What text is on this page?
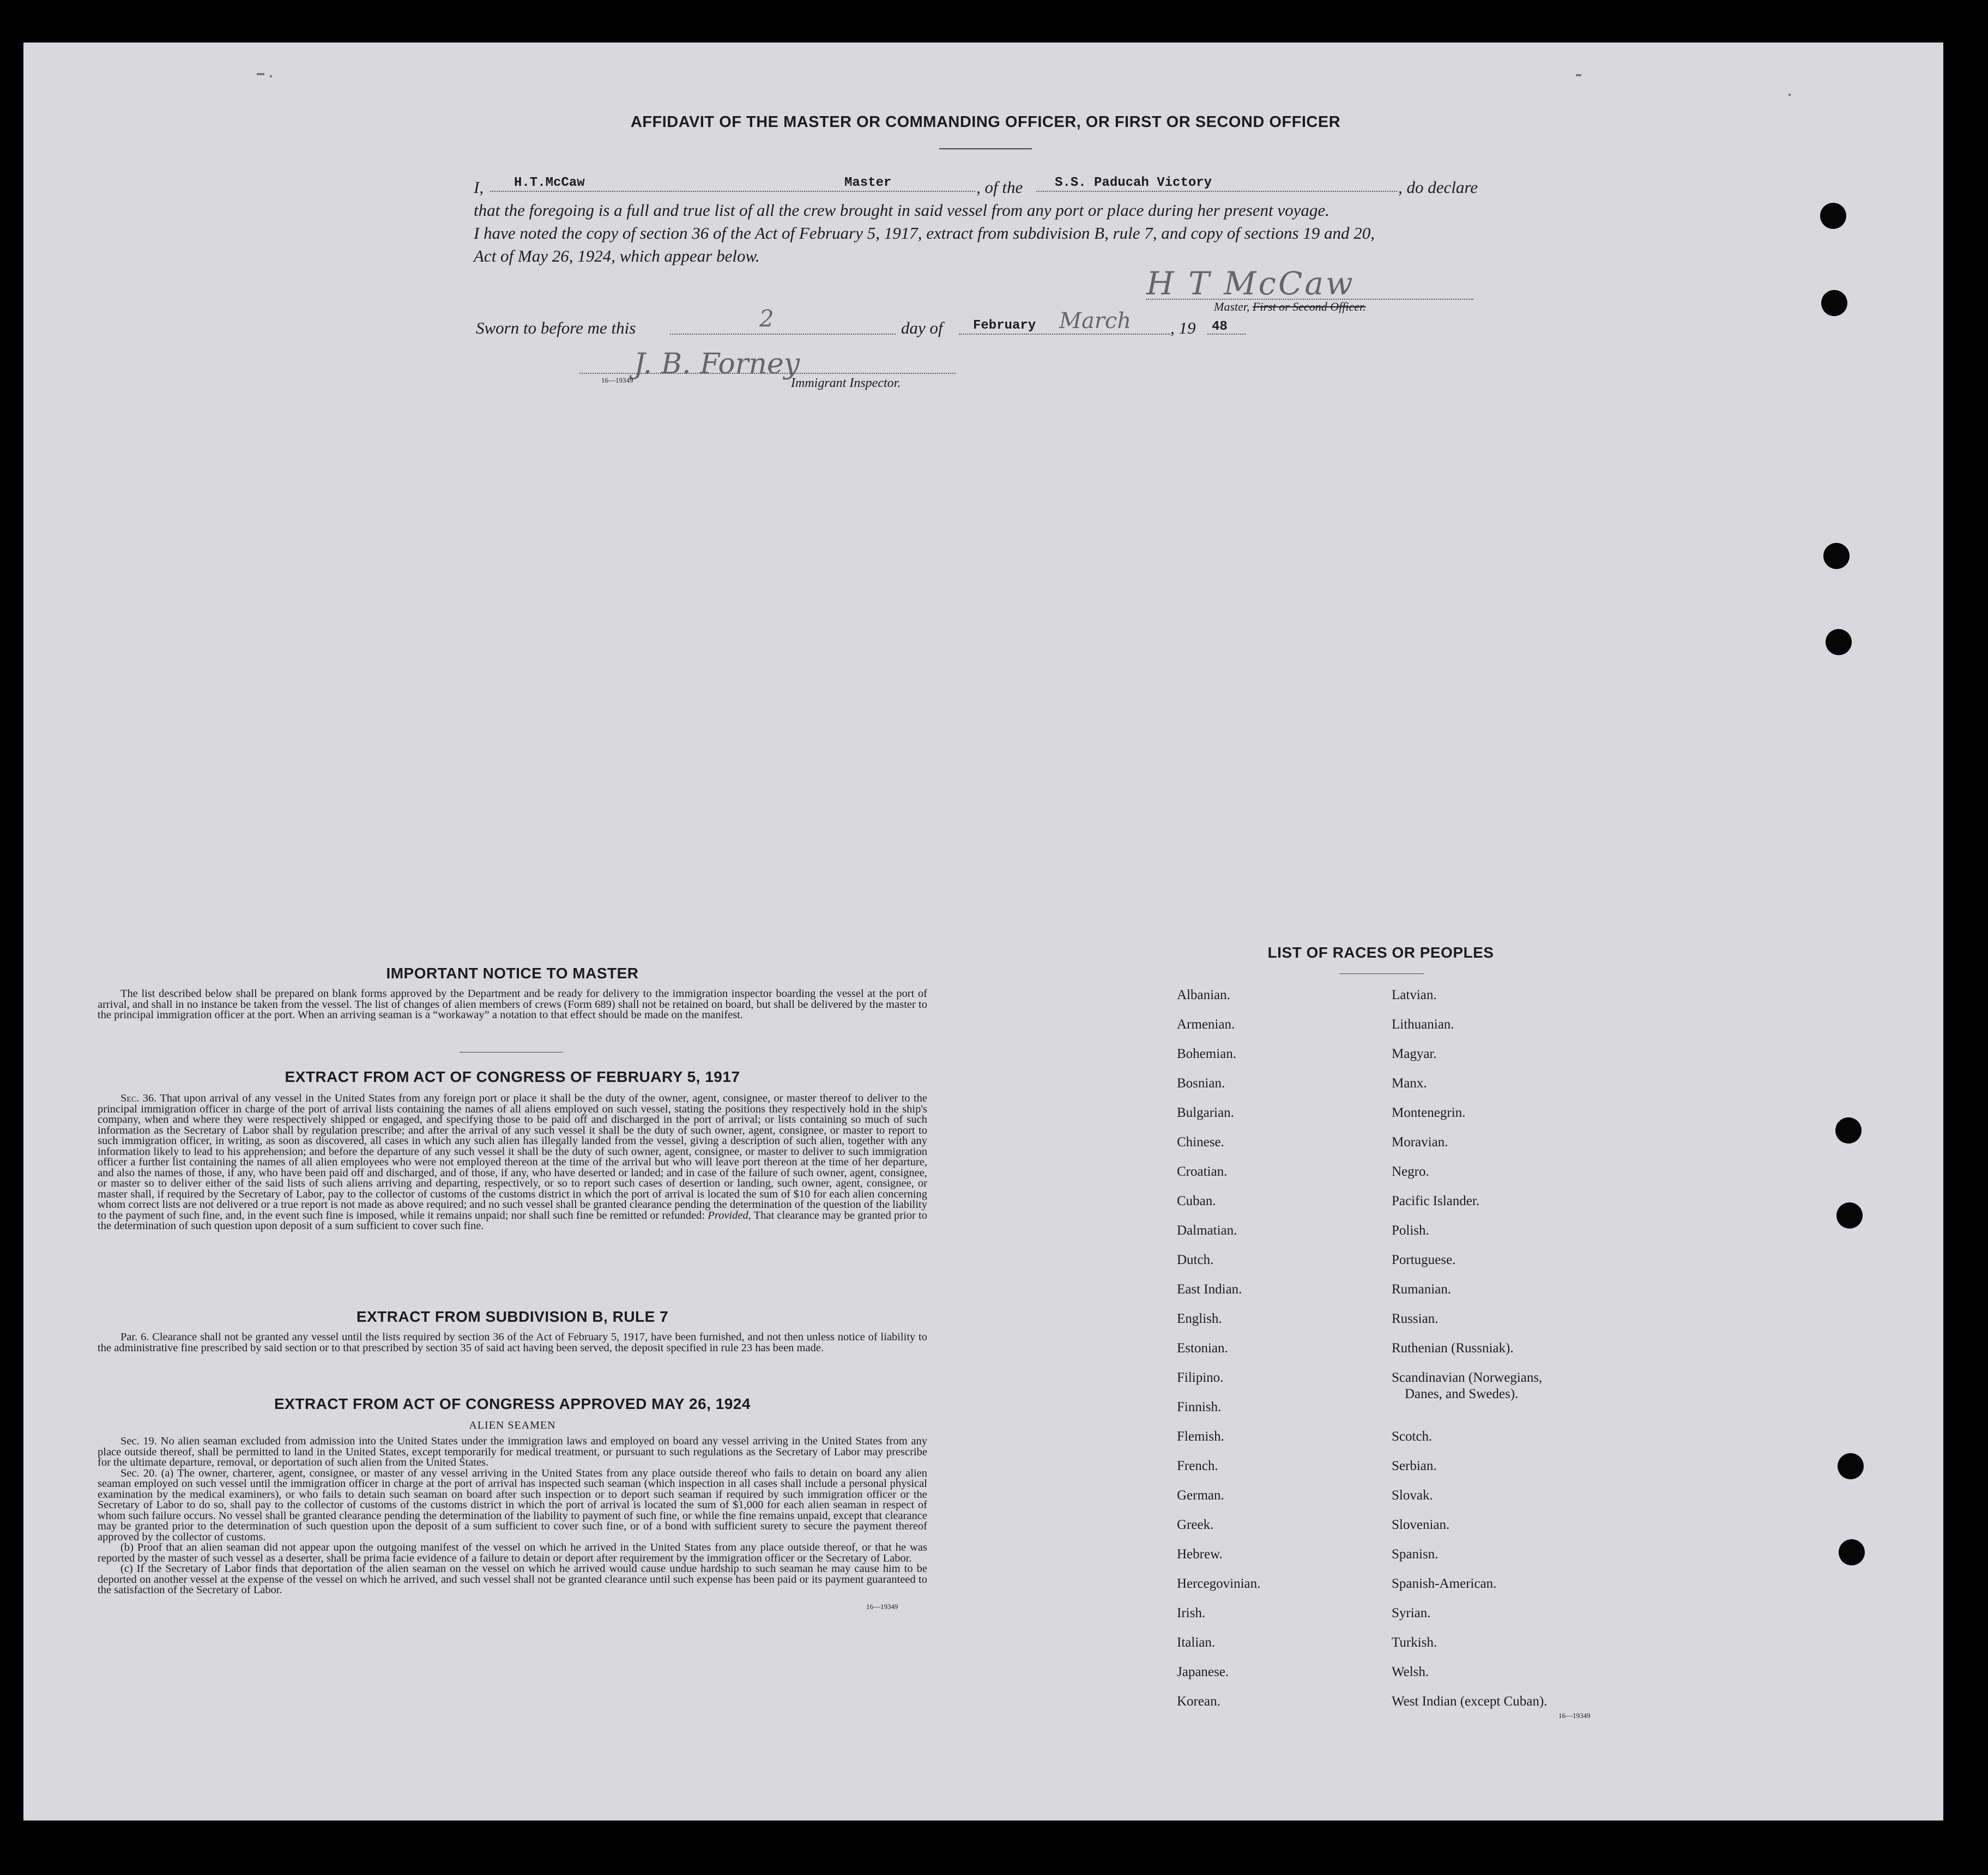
AFFIDAVIT OF THE MASTER OR COMMANDING OFFICER, OR FIRST OR SECOND OFFICER
I, H.T.McCaw	Master	, of the S.S. Paducah Victory	, do declare
that the foregoing is a full and true list of all the crew brought in said vessel from any port or place during her present voyage.
I have noted the copy of section 36 of the Act of February 5, 1917, extract from subdivision B, rule 7, and copy of sections 19 and 20,
Act of May 26, 1924, which appear below.
H T McCaw
Master, First or Second Officer.
Sworn to before me this	2	day of February March , 19 48
J. B. Forney
16—19349	Immigrant Inspector.
IMPORTANT NOTICE TO MASTER

The list described below shall be prepared on blank forms approved by the Department and be ready for delivery to the immigration inspector boarding the vessel at the port of arrival, and shall in no instance be taken from the vessel. The list of changes of alien members of crews (Form 689) shall not be retained on board, but shall be delivered by the master to the principal immigration officer at the port. When an arriving seaman is a “workaway” a notation to that effect should be made on the manifest.

EXTRACT FROM ACT OF CONGRESS OF FEBRUARY 5, 1917

Sec. 36. That upon arrival of any vessel in the United States from any foreign port or place it shall be the duty of the owner, agent, consignee, or master thereof to deliver to the principal immigration officer in charge of the port of arrival lists containing the names of all aliens employed on such vessel, stating the positions they respectively hold in the ship's company, when and where they were respectively shipped or engaged, and specifying those to be paid off and discharged in the port of arrival; or lists containing so much of such information as the Secretary of Labor shall by regulation prescribe; and after the arrival of any such vessel it shall be the duty of such owner, agent, consignee, or master to report to such immigration officer, in writing, as soon as discovered, all cases in which any such alien has illegally landed from the vessel, giving a description of such alien, together with any information likely to lead to his apprehension; and before the departure of any such vessel it shall be the duty of such owner, agent, consignee, or master to deliver to such immigration officer a further list containing the names of all alien employees who were not employed thereon at the time of the arrival but who will leave port thereon at the time of her departure, and also the names of those, if any, who have been paid off and discharged, and of those, if any, who have deserted or landed; and in case of the failure of such owner, agent, consignee, or master so to deliver either of the said lists of such aliens arriving and departing, respectively, or so to report such cases of desertion or landing, such owner, agent, consignee, or master shall, if required by the Secretary of Labor, pay to the collector of customs of the customs district in which the port of arrival is located the sum of $10 for each alien concerning whom correct lists are not delivered or a true report is not made as above required; and no such vessel shall be granted clearance pending the determination of the question of the liability to the payment of such fine, and, in the event such fine is imposed, while it remains unpaid; nor shall such fine be remitted or refunded: Provided, That clearance may be granted prior to the determination of such question upon deposit of a sum sufficient to cover such fine.

EXTRACT FROM SUBDIVISION B, RULE 7

Par. 6. Clearance shall not be granted any vessel until the lists required by section 36 of the Act of February 5, 1917, have been furnished, and not then unless notice of liability to the administrative fine prescribed by said section or to that prescribed by section 35 of said act having been served, the deposit specified in rule 23 has been made.

EXTRACT FROM ACT OF CONGRESS APPROVED MAY 26, 1924
ALIEN SEAMEN

Sec. 19. No alien seaman excluded from admission into the United States under the immigration laws and employed on board any vessel arriving in the United States from any place outside thereof, shall be permitted to land in the United States, except temporarily for medical treatment, or pursuant to such regulations as the Secretary of Labor may prescribe for the ultimate departure, removal, or deportation of such alien from the United States.

Sec. 20. (a) The owner, charterer, agent, consignee, or master of any vessel arriving in the United States from any place outside thereof who fails to detain on board any alien seaman employed on such vessel until the immigration officer in charge at the port of arrival has inspected such seaman (which inspection in all cases shall include a personal physical examination by the medical examiners), or who fails to detain such seaman on board after such inspection or to deport such seaman if required by such immigration officer or the Secretary of Labor to do so, shall pay to the collector of customs of the customs district in which the port of arrival is located the sum of $1,000 for each alien seaman in respect of whom such failure occurs. No vessel shall be granted clearance pending the determination of the liability to payment of such fine, or while the fine remains unpaid, except that clearance may be granted prior to the determination of such question upon the deposit of a sum sufficient to cover such fine, or of a bond with sufficient surety to secure the payment thereof approved by the collector of customs.

(b) Proof that an alien seaman did not appear upon the outgoing manifest of the vessel on which he arrived in the United States from any place outside thereof, or that he was reported by the master of such vessel as a deserter, shall be prima facie evidence of a failure to detain or deport after requirement by the immigration officer or the Secretary of Labor.

(c) If the Secretary of Labor finds that deportation of the alien seaman on the vessel on which he arrived would cause undue hardship to such seaman he may cause him to be deported on another vessel at the expense of the vessel on which he arrived, and such vessel shall not be granted clearance until such expense has been paid or its payment guaranteed to the satisfaction of the Secretary of Labor.

16—19349
LIST OF RACES OR PEOPLES
Albanian.
Armenian.
Bohemian.
Bosnian.
Bulgarian.
Chinese.
Croatian.
Cuban.
Dalmatian.
Dutch.
East Indian.
English.
Estonian.
Filipino.
Finnish.
Flemish.
French.
German.
Greek.
Hebrew.
Hercegovinian.
Irish.
Italian.
Japanese.
Korean.
Latvian.
Lithuanian.
Magyar.
Manx.
Montenegrin.
Moravian.
Negro.
Pacific Islander.
Polish.
Portuguese.
Rumanian.
Russian.
Ruthenian (Russniak).
Scandinavian (Norwegians,
Danes, and Swedes).
Scotch.
Serbian.
Slovak.
Slovenian.
Spanisn.
Spanish-American.
Syrian.
Turkish.
Welsh.
West Indian (except Cuban).
16—19349
